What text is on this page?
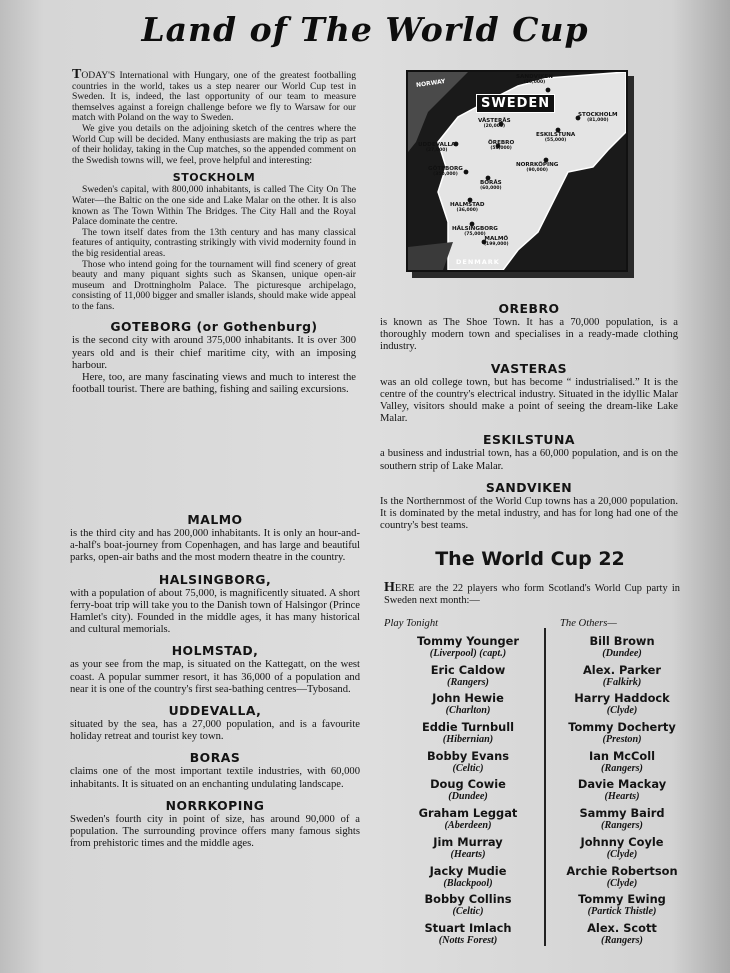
Land of The World Cup

TODAY'S International with Hungary, one of the greatest footballing countries in the world, takes us a step nearer our World Cup test in Sweden. It is, indeed, the last opportunity of our team to measure themselves against a foreign challenge before we fly to Warsaw for our match with Poland on the way to Sweden.

We give you details on the adjoining sketch of the centres where the World Cup will be decided. Many enthusiasts are making the trip as part of their holiday, taking in the Cup matches, so the appended comment on the Swedish towns will, we feel, prove helpful and interesting:

STOCKHOLM

Sweden's capital, with 800,000 inhabitants, is called The City On The Water—the Baltic on the one side and Lake Malar on the other. It is also known as The Town Within The Bridges. The City Hall and the Royal Palace dominate the centre.

The town itself dates from the 13th century and has many classical features of antiquity, contrasting strikingly with vivid modernity found in the big residential areas.

Those who intend going for the tournament will find scenery of great beauty and many piquant sights such as Skansen, unique open-air museum and Drottningholm Palace. The picturesque archipelago, consisting of 11,000 bigger and smaller islands, should make wide appeal to the fans.

GOTEBORG (or Gothenburg)

is the second city with around 375,000 inhabitants. It is over 300 years old and is their chief maritime city, with an imposing harbour.

Here, too, are many fascinating views and much to interest the football tourist. There are bathing, fishing and sailing excursions.

MALMO

is the third city and has 200,000 inhabitants. It is only an hour-and-a-half's boat-journey from Copenhagen, and has large and beautiful parks, open-air baths and the most modern theatre in the country.

HALSINGBORG,

with a population of about 75,000, is magnificently situated. A short ferry-boat trip will take you to the Danish town of Halsingor (Prince Hamlet's city). Founded in the middle ages, it has many historical and cultural memorials.

HOLMSTAD,

as your see from the map, is situated on the Kattegatt, on the west coast. A popular summer resort, it has 36,000 of a population and near it is one of the country's first sea-bathing centres—Tybosand.

UDDEVALLA,

situated by the sea, has a 27,000 population, and is a favourite holiday retreat and tourist key town.

BORAS

claims one of the most important textile industries, with 60,000 inhabitants. It is situated on an enchanting undulating landscape.

NORRKOPING

Sweden's fourth city in point of size, has around 90,000 of a population. The surrounding province offers many famous sights from prehistoric times and the middle ages.

NORWAY
SWEDEN
DENMARK
SANDVIKEN
(20,000)
VÄSTERÅS
(20,000)
STOCKHOLM
(81,000)
ESKILSTUNA
(55,000)
UDDEVALLA
(27,000)
ÖREBRO
(55,000)
GÖTEBORG
(350,000)
NORRKÖPING
(90,000)
BORÅS
(60,000)
HALMSTAD
(36,000)
HÄLSINGBORG
(75,000)
MALMÖ
(199,000)
OREBRO

is known as The Shoe Town. It has a 70,000 population, is a thoroughly modern town and specialises in a ready-made clothing industry.

VASTERAS

was an old college town, but has become “ industrialised.” It is the centre of the country's electrical industry. Situated in the idyllic Malar Valley, visitors should make a point of seeing the dream-like Lake Malar.

ESKILSTUNA

a business and industrial town, has a 60,000 population, and is on the southern strip of Lake Malar.

SANDVIKEN

Is the Northernmost of the World Cup towns has a 20,000 population. It is dominated by the metal industry, and has for long had one of the country's best teams.

The World Cup 22

HERE are the 22 players who form Scotland's World Cup party in Sweden next month:—

Play Tonight	The Others—
Tommy Younger
(Liverpool) (capt.)
Eric Caldow
(Rangers)
John Hewie
(Charlton)
Eddie Turnbull
(Hibernian)
Bobby Evans
(Celtic)
Doug Cowie
(Dundee)
Graham Leggat
(Aberdeen)
Jim Murray
(Hearts)
Jacky Mudie
(Blackpool)
Bobby Collins
(Celtic)
Stuart Imlach
(Notts Forest)
Bill Brown
(Dundee)
Alex. Parker
(Falkirk)
Harry Haddock
(Clyde)
Tommy Docherty
(Preston)
Ian McColl
(Rangers)
Davie Mackay
(Hearts)
Sammy Baird
(Rangers)
Johnny Coyle
(Clyde)
Archie Robertson
(Clyde)
Tommy Ewing
(Partick Thistle)
Alex. Scott
(Rangers)
